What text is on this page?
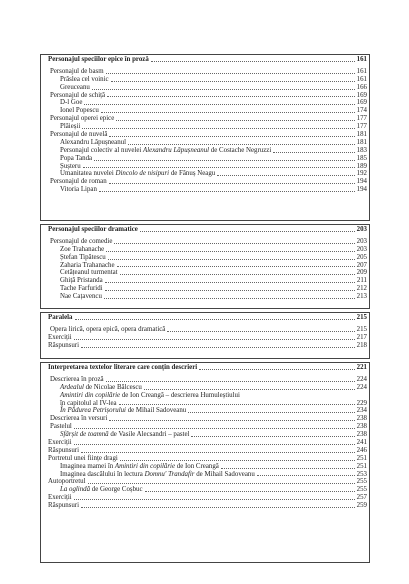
Personajul speciilor epice în proză	161
Personajul de basm	161
Prâslea cel voinic	161
Greuceanu	166
Personajul de schiță	169
D-l Goe	169
Ionel Popescu	174
Personajul operei epice	177
Plăieșii	177
Personajul de nuvelă	181
Alexandru Lăpușneanul	181
Personajul colectiv al nuvelei Alexandru Lăpușneanul de Costache Negruzzi	183
Popa Tanda	185
Șușteru	189
Umanitatea nuvelei Dincolo de nisipuri de Fănuș Neagu	192
Personajul de roman	194
Vitoria Lipan	194
Personajul speciilor dramatice	203
Personajul de comedie	203
Zoe Trahanache	203
Ștefan Tipătescu	205
Zaharia Trahanache	207
Cetățeanul turmentat	209
Ghiță Pristanda	211
Tache Farfuridi	212
Nae Cațavencu	213
Paralela	215
Opera lirică, opera epică, opera dramatică	215
Exerciții	217
Răspunsuri	218
Interpretarea textelor literare care conțin descrieri	221
Descrierea în proză	224
Ardealul de Nicolae Bălcescu	224
Amintiri din copilărie de Ion Creangă – descrierea Humuleștiului
în capitolul al IV-lea	229
În Pădurea Petrișorului de Mihail Sadoveanu	234
Descrierea în versuri	238
Pastelul	238
Sfârșit de toamnă de Vasile Alecsandri – pastel	238
Exerciții	241
Răspunsuri	246
Portretul unei ființe dragi	251
Imaginea mamei în Amintiri din copilărie de Ion Creangă	251
Imaginea dascălului în lectura Domnu' Trandafir de Mihail Sadoveanu	253
Autoportretul	255
La oglindă de George Coșbuc	255
Exerciții	257
Răspunsuri	259
